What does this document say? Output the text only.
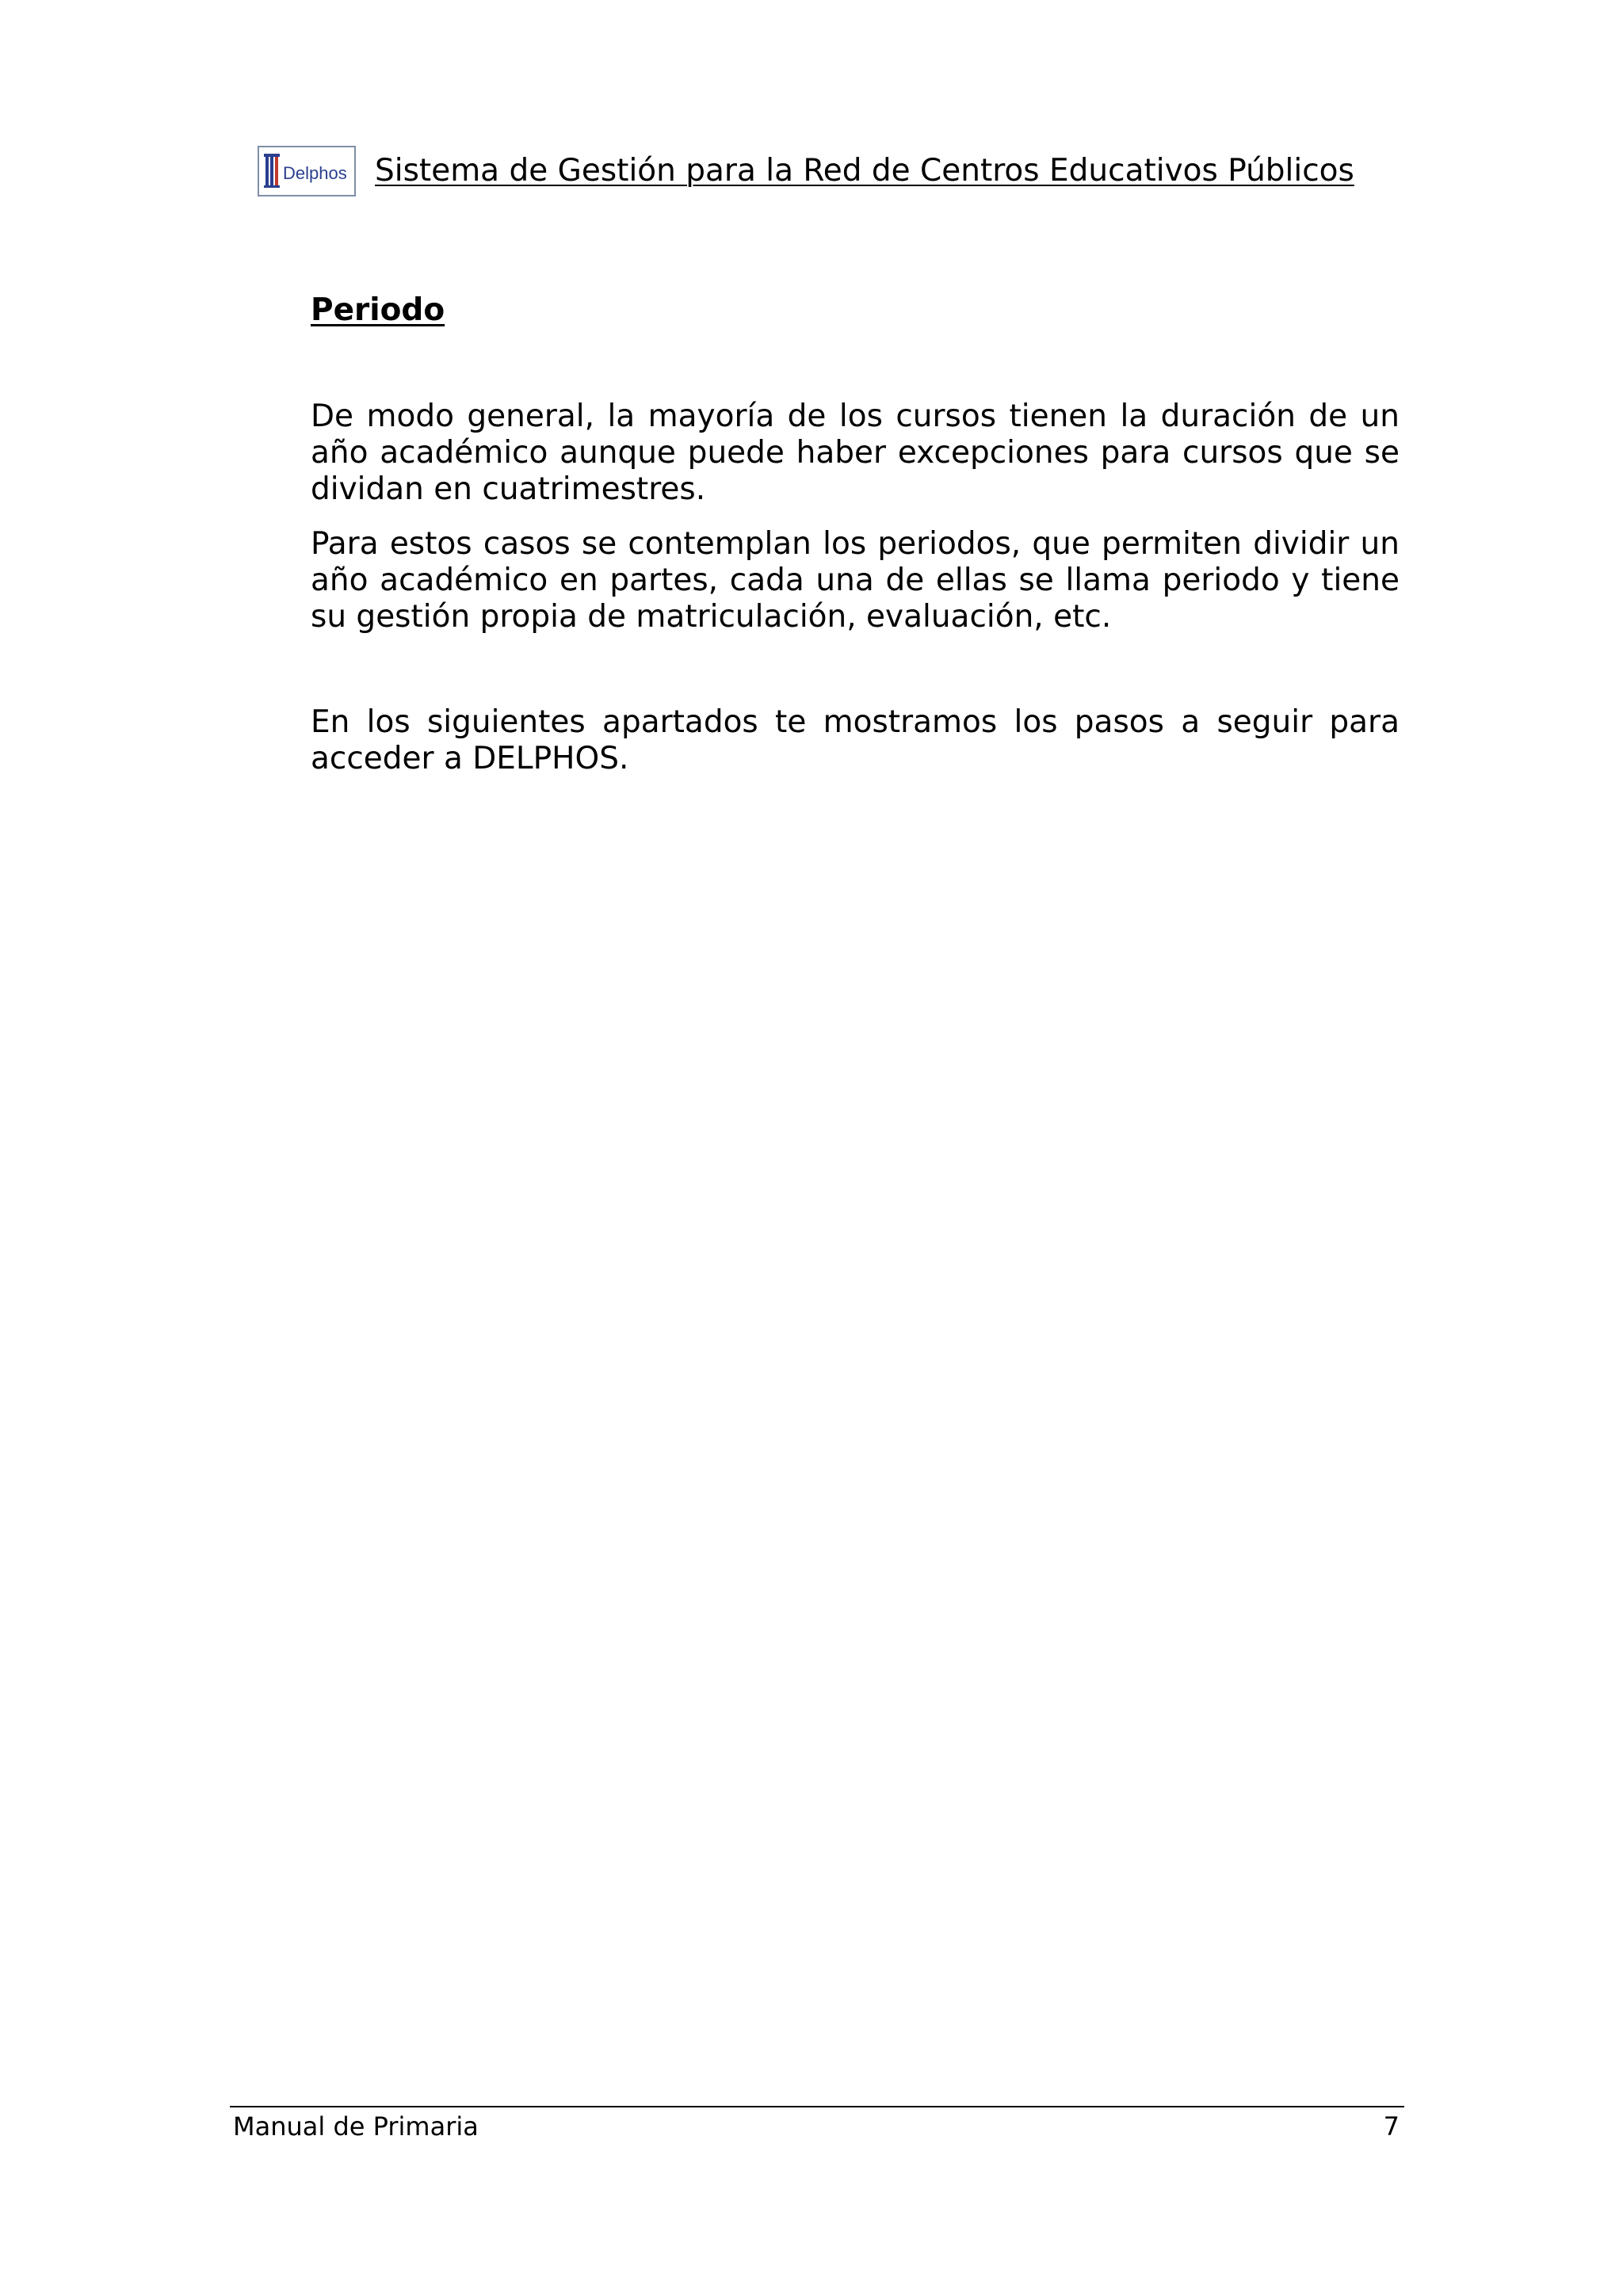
Delphos Sistema de Gestión para la Red de Centros Educativos Públicos
Periodo

De modo general, la mayoría de los cursos tienen la duración de un año académico aunque puede haber excepciones para cursos que se dividan en cuatrimestres.

Para estos casos se contemplan los periodos, que permiten dividir un año académico en partes, cada una de ellas se llama periodo y tiene su gestión propia de matriculación, evaluación, etc.

En los siguientes apartados te mostramos los pasos a seguir para acceder a DELPHOS.

Manual de Primaria	7
